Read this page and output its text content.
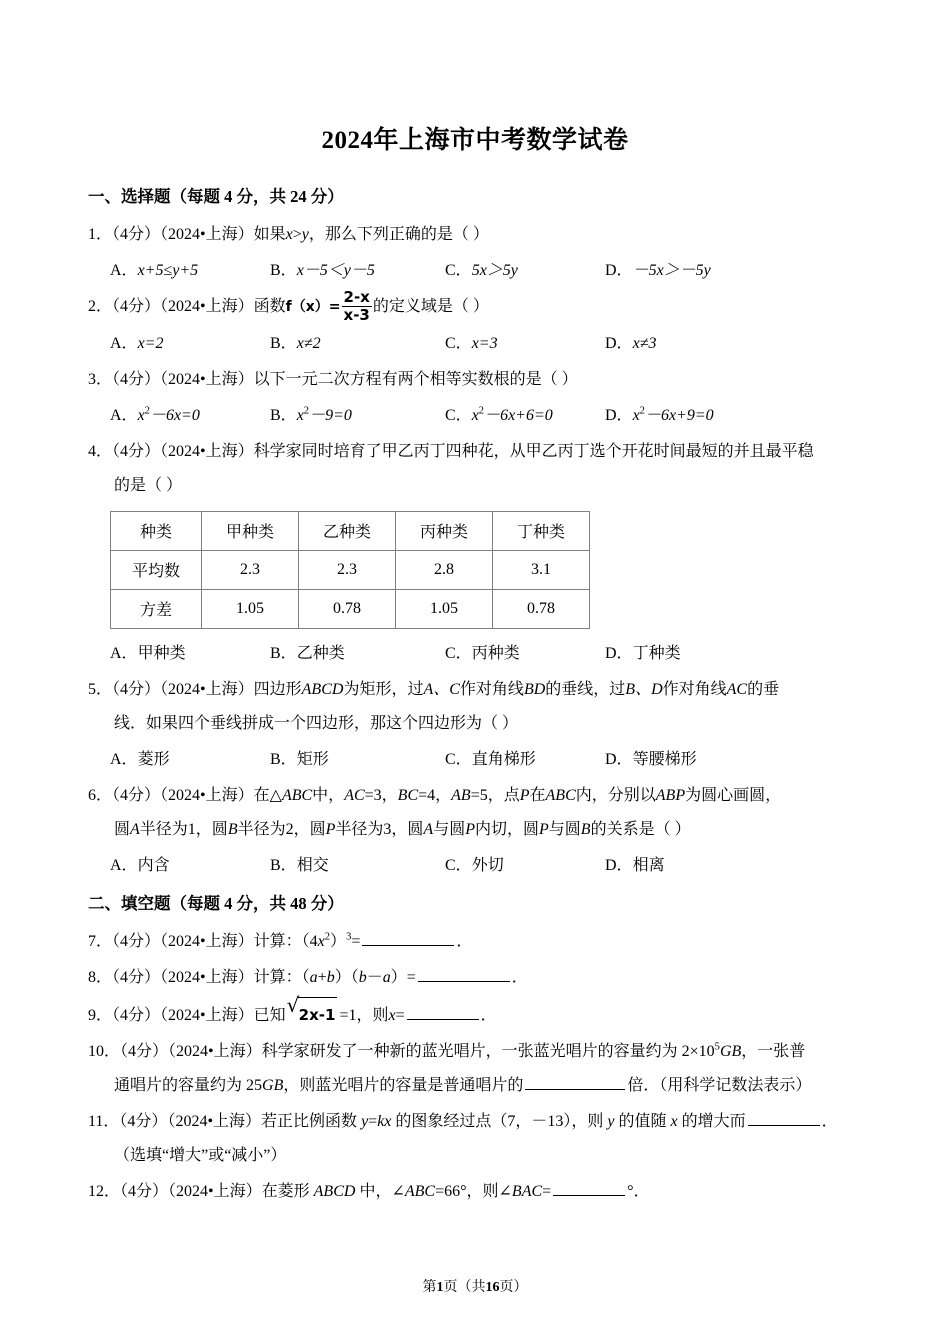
2024年上海市中考数学试卷
一、选择题（每题 4 分，共 24 分）
1．（4分）（2024•上海）如果x>y，那么下列正确的是（ ）
A．x+5≤y+5	B．x－5＜y－5	C．5x＞5y	D．－5x＞－5y
2．（4分）（2024•上海）函数$f(x)= \frac{2-x}{x-3}$ 的定义域是（ ）
A．x=2	B．x≠2	C．x=3	D．x≠3
3．（4分）（2024•上海）以下一元二次方程有两个相等实数根的是（ ）
A．$x^2-6x=0$	B．$x^2-9=0$	C．$x^2-6x+6=0$	D．$x^2-6x+9=0$
4．（4分）（2024•上海）科学家同时培育了甲乙丙丁四种花，从甲乙丙丁选个开花时间最短的并且最平稳
的是（ ）
种类	甲种类	乙种类	丙种类	丁种类
平均数	2.3	2.3	2.8	3.1
方差	1.05	0.78	1.05	0.78
A．甲种类	B．乙种类	C．丙种类	D．丁种类
5．（4分）（2024•上海）四边形ABCD为矩形，过A、C作对角线BD的垂线，过B、D作对角线AC的垂
线．如果四个垂线拼成一个四边形，那这个四边形为（ ）
A．菱形	B．矩形	C．直角梯形	D．等腰梯形
6．（4分）（2024•上海）在△ABC中，AC=3，BC=4，AB=5，点P在ABC内，分别以ABP为圆心画圆，
圆A半径为1，圆B半径为2，圆P半径为3，圆A与圆P内切，圆P与圆B的关系是（ ）
A．内含	B．相交	C．外切	D．相离
二、填空题（每题 4 分，共 48 分）
7．（4分）（2024•上海）计算：$(4x^2)^3=$	．
8．（4分）（2024•上海）计算：（a+b）（b－a）=	．
9．（4分）（2024•上海）已知 √ 2x-1 =1，则x=	．
10．（4分）（2024•上海）科学家研发了一种新的蓝光唱片，一张蓝光唱片的容量约为 $2\times 10^5GB$，一张普
通唱片的容量约为 25GB，则蓝光唱片的容量是普通唱片的	倍．（用科学记数法表示）
11．（4分）（2024•上海）若正比例函数 y=kx 的图象经过点（7，－13），则 y 的值随 x 的增大而	．
（选填“增大”或“减小”）
12．（4分）（2024•上海）在菱形 ABCD 中，∠ABC=66°，则∠BAC=	°．
第1页（共16页）
